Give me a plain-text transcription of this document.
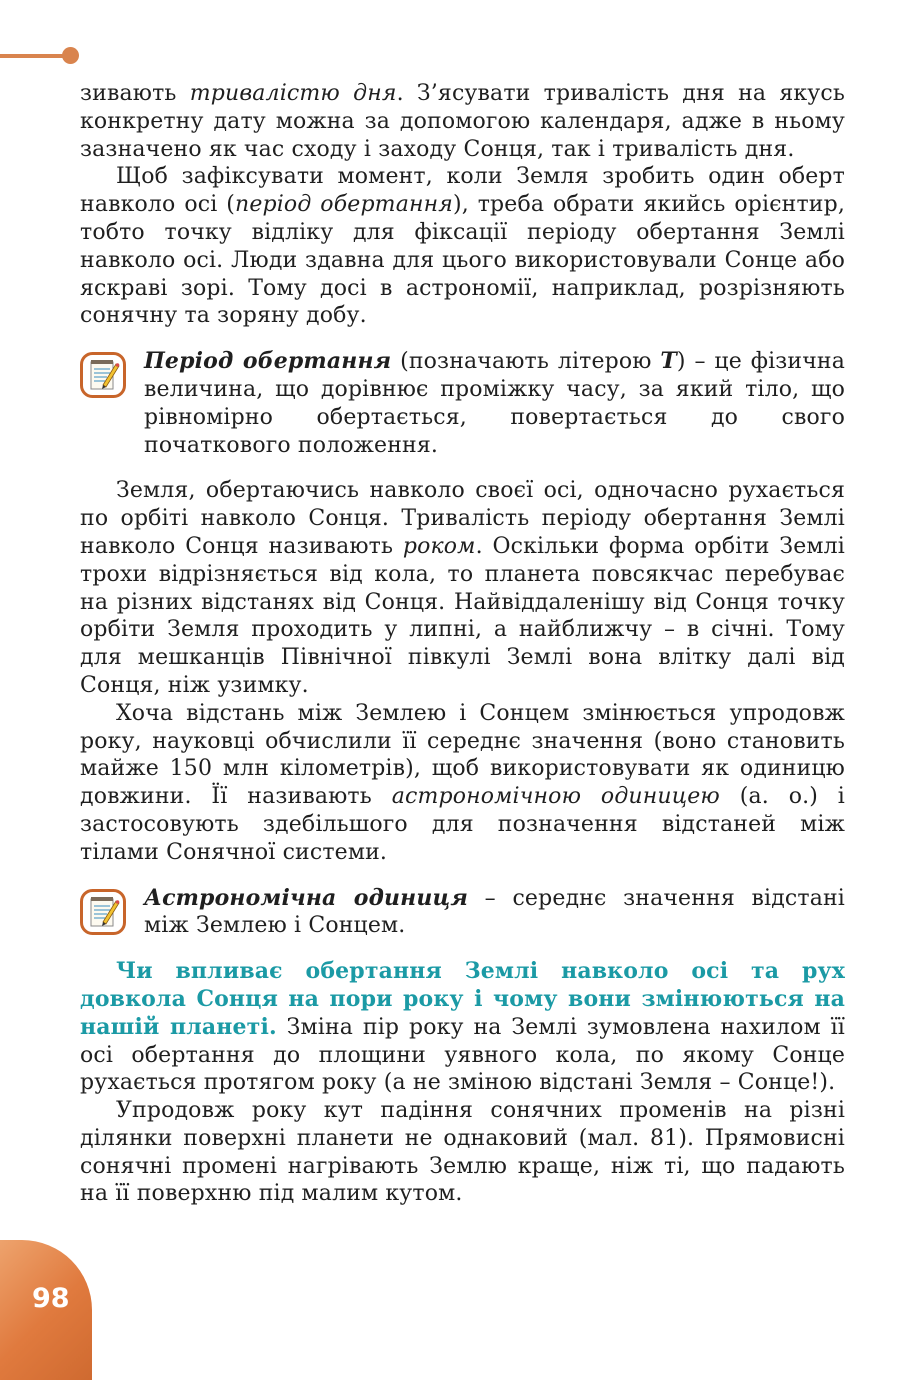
зивають тривалістю дня. З’ясувати тривалість дня на якусь конкретну дату можна за допомогою календаря, адже в ньому зазначено як час сходу і заходу Сонця, так і тривалість дня.

Щоб зафіксувати момент, коли Земля зробить один оберт навколо осі (період обертання), треба обрати якийсь орієнтир, тобто точку відліку для фіксації періоду обертання Землі навколо осі. Люди здавна для цього використовували Сонце або яскраві зорі. Тому досі в астрономії, наприклад, розрізняють сонячну та зоряну добу.

Період обертання (позначають літерою T) – це фізична величина, що дорівнює проміжку часу, за який тіло, що рівномірно обертається, повертається до свого початкового положення.

Земля, обертаючись навколо своєї осі, одночасно рухається по орбіті навколо Сонця. Тривалість періоду обертання Землі навколо Сонця називають роком. Оскільки форма орбіти Землі трохи відрізняється від кола, то планета повсякчас перебуває на різних відстанях від Сонця. Найвіддаленішу від Сонця точку орбіти Земля проходить у липні, а найближчу – в січні. Тому для мешканців Північної півкулі Землі вона влітку далі від Сонця, ніж узимку.

Хоча відстань між Землею і Сонцем змінюється упродовж року, науковці обчислили її середнє значення (воно становить майже 150 млн кілометрів), щоб використовувати як одиницю довжини. Її називають астрономічною одиницею (а. о.) і застосовують здебільшого для позначення відстаней між тілами Сонячної системи.

Астрономічна одиниця – середнє значення відстані між Землею і Сонцем.

Чи впливає обертання Землі навколо осі та рух довкола Сонця на пори року і чому вони змінюються на нашій планеті. Зміна пір року на Землі зумовлена нахилом її осі обертання до площини уявного кола, по якому Сонце рухається протягом року (а не зміною відстані Земля – Сонце!).

Упродовж року кут падіння сонячних променів на різні ділянки поверхні планети не однаковий (мал. 81). Прямовисні сонячні промені нагрівають Землю краще, ніж ті, що падають на її поверхню під малим кутом.

98
